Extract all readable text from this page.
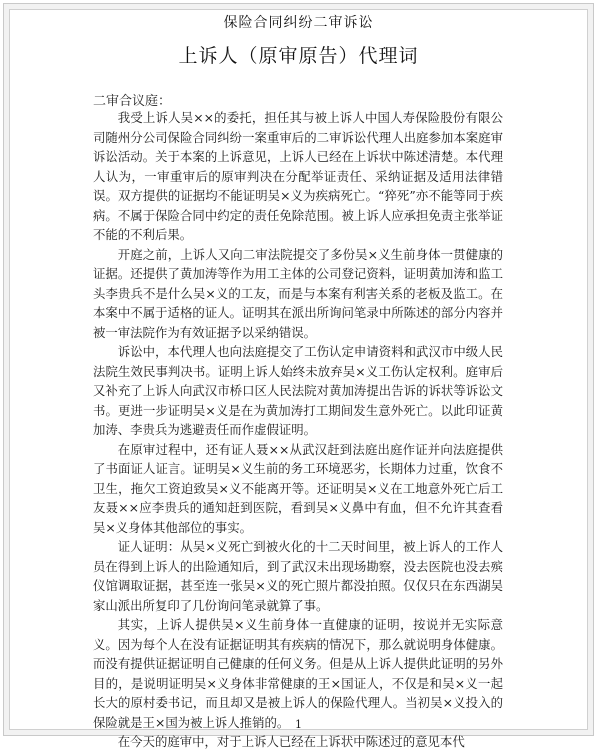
保险合同纠纷二审诉讼
上诉人（原审原告）代理词
二审合议庭：

我受上诉人吴××的委托，担任其与被上诉人中国人寿保险股份有限公司随州分公司保险合同纠纷一案重审后的二审诉讼代理人出庭参加本案庭审诉讼活动。关于本案的上诉意见，上诉人已经在上诉状中陈述清楚。本代理人认为，一审重审后的原审判决在分配举证责任、采纳证据及适用法律错误。双方提供的证据均不能证明吴×义为疾病死亡。“猝死”亦不能等同于疾病。不属于保险合同中约定的责任免除范围。被上诉人应承担免责主张举证不能的不利后果。

开庭之前，上诉人又向二审法院提交了多份吴×义生前身体一贯健康的证据。还提供了黄加涛等作为用工主体的公司登记资料，证明黄加涛和监工头李贵兵不是什么吴×义的工友，而是与本案有利害关系的老板及监工。在本案中不属于适格的证人。证明其在派出所询问笔录中所陈述的部分内容并被一审法院作为有效证据予以采纳错误。

诉讼中，本代理人也向法庭提交了工伤认定申请资料和武汉市中级人民法院生效民事判决书。证明上诉人始终未放弃吴×义工伤认定权利。庭审后又补充了上诉人向武汉市桥口区人民法院对黄加涛提出告诉的诉状等诉讼文书。更进一步证明吴×义是在为黄加涛打工期间发生意外死亡。以此印证黄加涛、李贵兵为逃避责任而作虚假证明。

在原审过程中，还有证人聂××从武汉赶到法庭出庭作证并向法庭提供了书面证人证言。证明吴×义生前的务工环境恶劣，长期体力过重，饮食不卫生，拖欠工资迫致吴×义不能离开等。还证明吴×义在工地意外死亡后工友聂××应李贵兵的通知赶到医院，看到吴×义鼻中有血，但不允许其查看吴×义身体其他部位的事实。

证人证明：从吴×义死亡到被火化的十二天时间里，被上诉人的工作人员在得到上诉人的出险通知后，到了武汉未出现场勘察，没去医院也没去殡仪馆调取证据，甚至连一张吴×义的死亡照片都没拍照。仅仅只在东西湖吴家山派出所复印了几份询问笔录就算了事。

其实，上诉人提供吴×义生前身体一直健康的证明，按说并无实际意义。因为每个人在没有证据证明其有疾病的情况下，那么就说明身体健康。而没有提供证据证明自己健康的任何义务。但是从上诉人提供此证明的另外目的，是说明证明吴×义身体非常健康的王×国证人，不仅是和吴×义一起长大的原村委书记，而且却又是被上诉人的保险代理人。当初吴×义投入的保险就是王×国为被上诉人推销的。

在今天的庭审中，对于上诉人已经在上诉状中陈述过的意见本代

1
